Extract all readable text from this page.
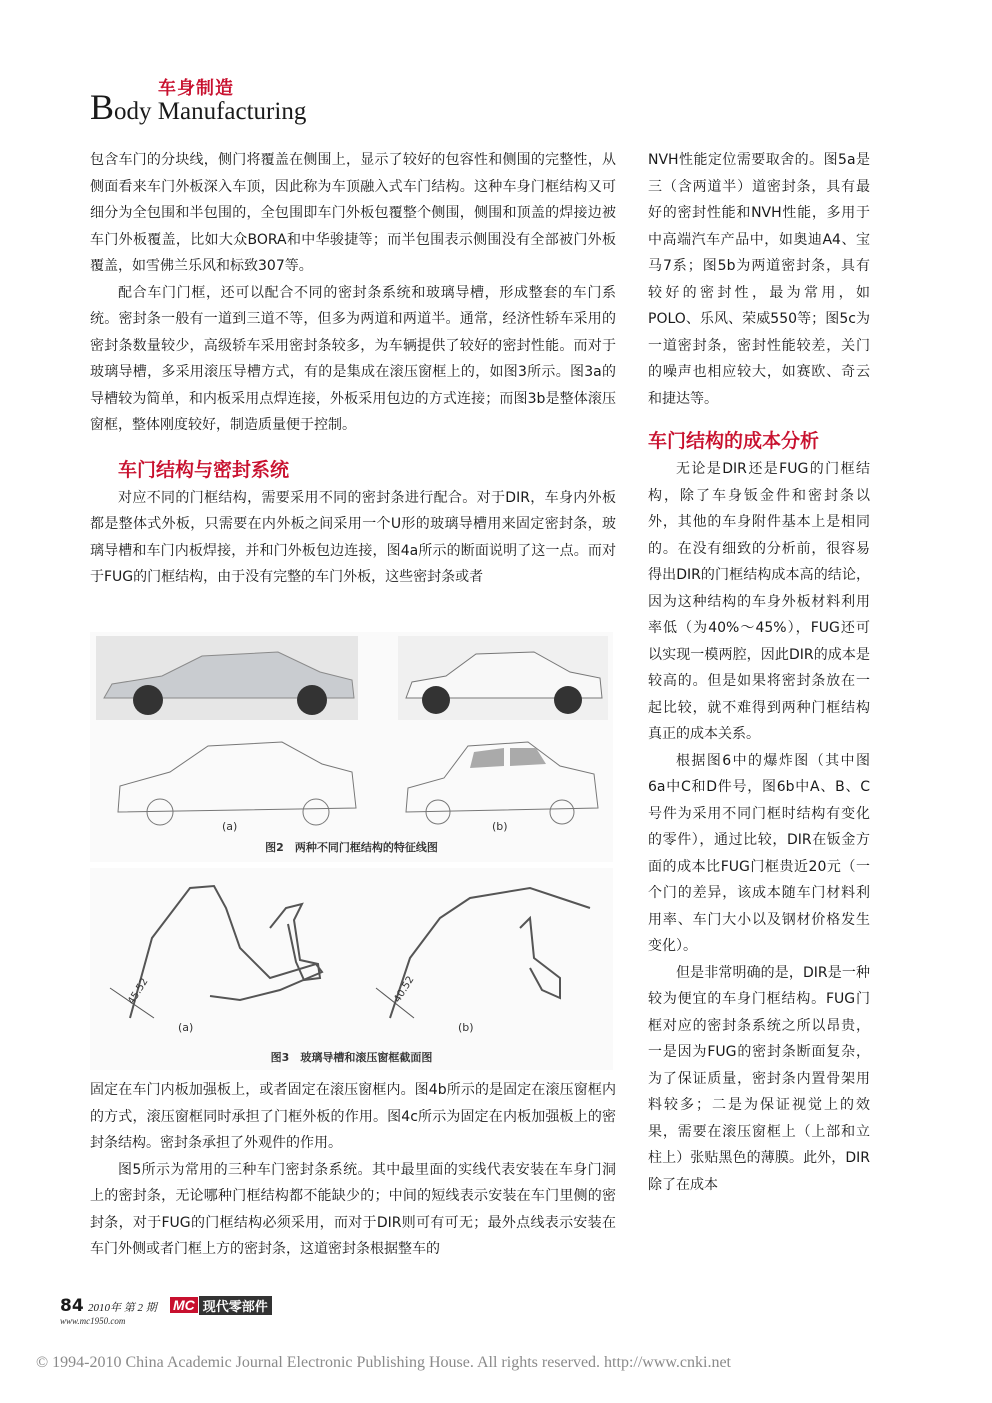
车身制造
Body Manufacturing

包含车门的分块线，侧门将覆盖在侧围上，显示了较好的包容性和侧围的完整性，从侧面看来车门外板深入车顶，因此称为车顶融入式车门结构。这种车身门框结构又可细分为全包围和半包围的，全包围即车门外板包覆整个侧围，侧围和顶盖的焊接边被车门外板覆盖，比如大众BORA和中华骏捷等；而半包围表示侧围没有全部被门外板覆盖，如雪佛兰乐风和标致307等。

配合车门门框，还可以配合不同的密封条系统和玻璃导槽，形成整套的车门系统。密封条一般有一道到三道不等，但多为两道和两道半。通常，经济性轿车采用的密封条数量较少，高级轿车采用密封条较多，为车辆提供了较好的密封性能。而对于玻璃导槽，多采用滚压导槽方式，有的是集成在滚压窗框上的，如图3所示。图3a的导槽较为简单，和内板采用点焊连接，外板采用包边的方式连接；而图3b是整体滚压窗框，整体刚度较好，制造质量便于控制。

车门结构与密封系统

对应不同的门框结构，需要采用不同的密封条进行配合。对于DIR，车身内外板都是整体式外板，只需要在内外板之间采用一个U形的玻璃导槽用来固定密封条，玻璃导槽和车门内板焊接，并和门外板包边连接，图4a所示的断面说明了这一点。而对于FUG的门框结构，由于没有完整的车门外板，这些密封条或者

(a)	(b)
图2　两种不同门框结构的特征线图
45.52	40.52
(a)	(b)
图3　玻璃导槽和滚压窗框截面图

固定在车门内板加强板上，或者固定在滚压窗框内。图4b所示的是固定在滚压窗框内的方式，滚压窗框同时承担了门框外板的作用。图4c所示为固定在内板加强板上的密封条结构。密封条承担了外观件的作用。

图5所示为常用的三种车门密封条系统。其中最里面的实线代表安装在车身门洞上的密封条，无论哪种门框结构都不能缺少的；中间的短线表示安装在车门里侧的密封条，对于FUG的门框结构必须采用，而对于DIR则可有可无；最外点线表示安装在车门外侧或者门框上方的密封条，这道密封条根据整车的

NVH性能定位需要取舍的。图5a是三（含两道半）道密封条，具有最好的密封性能和NVH性能，多用于中高端汽车产品中，如奥迪A4、宝马7系；图5b为两道密封条，具有较好的密封性，最为常用，如POLO、乐风、荣威550等；图5c为一道密封条，密封性能较差，关门的噪声也相应较大，如赛欧、奇云和捷达等。

车门结构的成本分析

无论是DIR还是FUG的门框结构，除了车身钣金件和密封条以外，其他的车身附件基本上是相同的。在没有细致的分析前，很容易得出DIR的门框结构成本高的结论，因为这种结构的车身外板材料利用率低（为40%～45%），FUG还可以实现一模两腔，因此DIR的成本是较高的。但是如果将密封条放在一起比较，就不难得到两种门框结构真正的成本关系。

根据图6中的爆炸图（其中图6a中C和D件号，图6b中A、B、C号件为采用不同门框时结构有变化的零件），通过比较，DIR在钣金方面的成本比FUG门框贵近20元（一个门的差异，该成本随车门材料利用率、车门大小以及钢材价格发生变化）。

但是非常明确的是，DIR是一种较为便宜的车身门框结构。FUG门框对应的密封条系统之所以昂贵，一是因为FUG的密封条断面复杂，为了保证质量，密封条内置骨架用料较多；二是为保证视觉上的效果，需要在滚压窗框上（上部和立柱上）张贴黑色的薄膜。此外，DIR除了在成本

84 2010年 第 2 期 MC 现代零部件
www.mc1950.com
© 1994-2010 China Academic Journal Electronic Publishing House. All rights reserved. http://www.cnki.net
